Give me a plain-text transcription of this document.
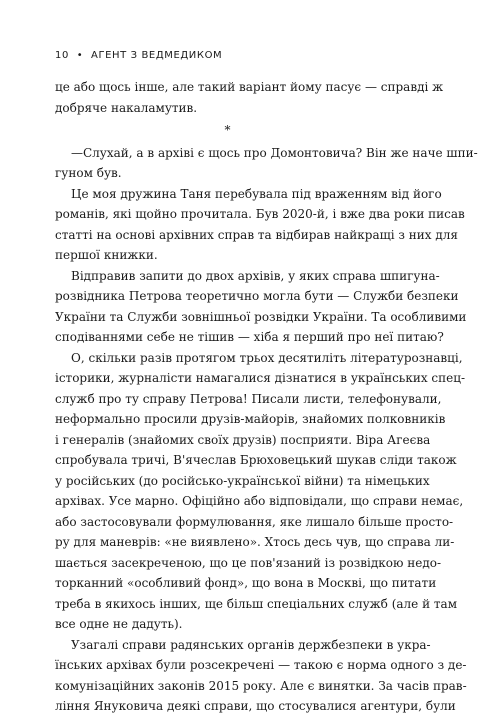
10 • АГЕНТ З ВЕДМЕДИКОМ
це або щось інше, але такий варіант йому пасує — справді ж
добряче накаламутив.
*
—Слухай, а в архіві є щось про Домонтовича? Він же наче шпи-
гуном був.
Це моя дружина Таня перебувала під враженням від його
романів, які щойно прочитала. Був 2020-й, і вже два роки писав
статті на основі архівних справ та відбирав найкращі з них для
першої книжки.
Відправив запити до двох архівів, у яких справа шпигуна-
розвідника Петрова теоретично могла бути — Служби безпеки
України та Служби зовнішньої розвідки України. Та особливими
сподіваннями себе не тішив — хіба я перший про неї питаю?
О, скільки разів протягом трьох десятиліть літературознавці,
історики, журналісти намагалися дізнатися в українських спец-
служб про ту справу Петрова! Писали листи, телефонували,
неформально просили друзів-майорів, знайомих полковників
і генералів (знайомих своїх друзів) посприяти. Віра Агеєва
спробувала тричі, В'ячеслав Брюховецький шукав сліди також
у російських (до російсько-української війни) та німецьких
архівах. Усе марно. Офіційно або відповідали, що справи немає,
або застосовували формулювання, яке лишало більше просто-
ру для маневрів: «не виявлено». Хтось десь чув, що справа ли-
шається засекреченою, що це пов'язаний із розвідкою недо-
торканний «особливий фонд», що вона в Москві, що питати
треба в якихось інших, ще більш спеціальних служб (але й там
все одне не дадуть).
Узагалі справи радянських органів держбезпеки в укра-
їнських архівах були розсекречені — такою є норма одного з де-
комунізаційних законів 2015 року. Але є винятки. За часів прав-
ління Януковича деякі справи, що стосувалися агентури, були
